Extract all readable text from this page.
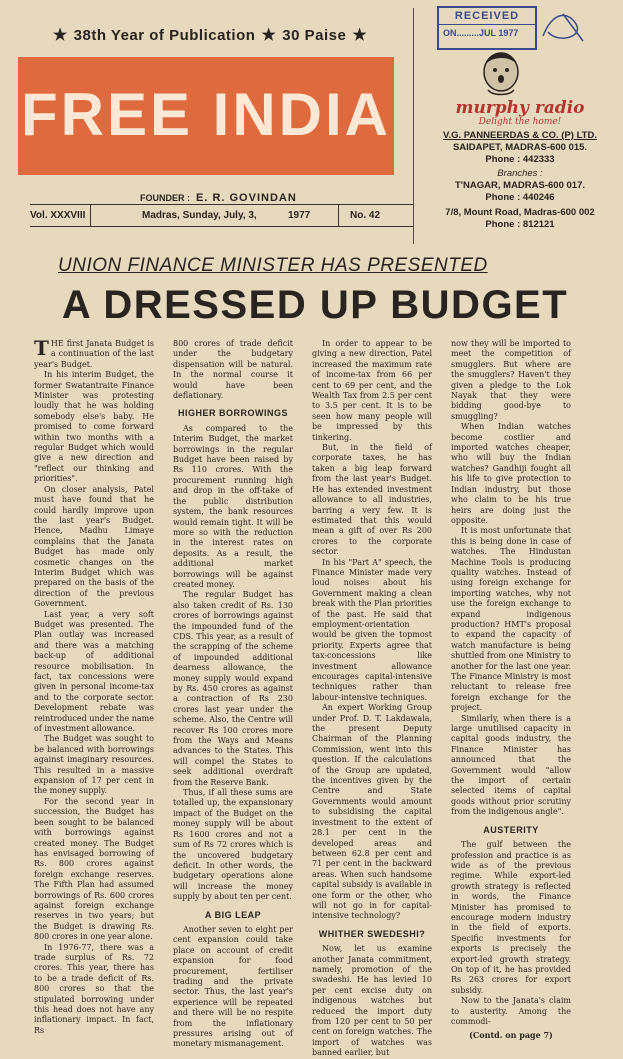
★ 38th Year of Publication ★ 30 Paise ★
FREE INDIA
FOUNDER : E. R. GOVINDAN
RECEIVED
ON.........JUL 1977
murphy radio
Delight the home!
V.G. PANNEERDAS & CO. (P) LTD.
SAIDAPET, MADRAS-600 015.
Phone : 442333
Branches :
T'NAGAR, MADRAS-600 017.
Phone : 440246
7/8, Mount Road, Madras-600 002
Phone : 812121
Vol. XXXVIII	Madras, Sunday, July, 3,	1977	No. 42
UNION FINANCE MINISTER HAS PRESENTED
A DRESSED UP BUDGET

THE first Janata Budget is a continuation of the last year's Budget.

In his interim Budget, the former Swatantraite Finance Minister was protesting loudly that he was holding somebody else's baby. He promised to come forward within two months with a regular Budget which would give a new direction and "reflect our thinking and priorities".

On closer analysis, Patel must have found that he could hardly improve upon the last year's Budget. Hence, Madhu Limaye complains that the Janata Budget has made only cosmetic changes on the Interim Budget which was prepared on the basis of the direction of the previous Government.

Last year, a very soft Budget was presented. The Plan outlay was increased and there was a matching back-up of additional resource mobilisation. In fact, tax concessions were given in personal income-tax and to the corporate sector. Development rebate was reintroduced under the name of investment allowance.

The Budget was sought to be balanced with borrowings against imaginary resources. This resulted in a massive expansion of 17 per cent in the money supply.

For the second year in succession, the Budget has been sought to be balanced with borrowings against created money. The Budget has envisaged borrowing of Rs. 800 crores against foreign exchange reserves. The Fifth Plan had assumed borrowings of Rs. 600 crores against foreign exchange reserves in two years; but the Budget is drawing Rs. 800 crores in one year alone.

In 1976-77, there was a trade surplus of Rs. 72 crores. This year, there has to be a trade deficit of Rs. 800 crores so that the stipulated borrowing under this head does not have any inflationary impact. In fact, Rs

800 crores of trade deficit under the budgetary dispensation will be natural. In the normal course it would have been deflationary.

HIGHER BORROWINGS

As compared to the Interim Budget, the market borrowings in the regular Budget have been raised by Rs 110 crores. With the procurement running high and drop in the off-take of the public distribution system, the bank resources would remain tight. It will be more so with the reduction in the interest rates on deposits. As a result, the additional market borrowings will be against created money.

The regular Budget has also taken credit of Rs. 130 crores of borrowings against the impounded fund of the CDS. This year, as a result of the scrapping of the scheme of impounded additional dearness allowance, the money supply would expand by Rs. 450 crores as against a contraction of Rs 230 crores last year under the scheme. Also, the Centre will recover Rs 100 crores more from the Ways and Means advances to the States. This will compel the States to seek additional overdraft from the Reserve Bank.

Thus, if all these sums are totalled up, the expansionary impact of the Budget on the money supply will be about Rs 1600 crores and not a sum of Rs 72 crores which is the uncovered budgetary deficit. In other words, the budgetary operations alone will increase the money supply by about ten per cent.

A BIG LEAP

Another seven to eight per cent expansion could take place on account of credit expansion for food procurement, fertiliser trading and the private sector. Thus, the last year's experience will be repeated and there will be no respite from the inflationary pressures arising out of monetary mismanagement.

In order to appear to be giving a new direction, Patel increased the maximum rate of income-tax from 66 per cent to 69 per cent, and the Wealth Tax from 2.5 per cent to 3.5 per cent. It is to be seen how many people will be impressed by this tinkering.

But, in the field of corporate taxes, he has taken a big leap forward from the last year's Budget. He has extended investment allowance to all industries, barring a very few. It is estimated that this would mean a gift of over Rs 200 crores to the corporate sector.

In his "Part A" speech, the Finance Minister made very loud noises about his Government making a clean break with the Plan priorities of the past. He said that employment-orientation would be given the topmost priority. Experts agree that tax-concessions like investment allowance encourages capital-intensive techniques rather than labour-intensive techniques.

An expert Working Group under Prof. D. T. Lakdawala, the present Deputy Chairman of the Planning Commission, went into this question. If the calculations of the Group are updated, the incentives given by the Centre and State Governments would amount to subsidising the capital investment to the extent of 28.1 per cent in the developed areas and between 62.8 per cent and 71 per cent in the backward areas. When such handsome capital subsidy is available in one form or the other, who will not go in for capital-intensive technology?

WHITHER SWEDESHI?

Now, let us examine another Janata commitment, namely, promotion of the swadeshi. He has levied 10 per cent excise duty on indigenous watches but reduced the import duty from 120 per cent to 50 per cent on foreign watches. The import of watches was banned earlier, but

now they will be imported to meet the competition of smugglers. But where are the smugglers? Haven't they given a pledge to the Lok Nayak that they were bidding good-bye to smuggling?

When Indian watches become costlier and imported watches cheaper, who will buy the Indian watches? Gandhiji fought all his life to give protection to Indian industry, but those who claim to be his true heirs are doing just the opposite.

It is most unfortunate that this is being done in case of watches. The Hindustan Machine Tools is producing quality watches. Instead of using foreign exchange for importing watches, why not use the foreign exchange to expand indigenous production? HMT's proposal to expand the capacity of watch manufacture is being shuttled from one Ministry to another for the last one year. The Finance Ministry is most reluctant to release free foreign exchange for the project.

Similarly, when there is a large unutilised capacity in capital goods industry, the Finance Minister has announced that the Government would "allow the import of certain selected items of capital goods without prior scrutiny from the indigenous angle".

AUSTERITY

The gulf between the profession and practice is as wide as of the previous regime. While export-led growth strategy is reflected in words, the Finance Minister has promised to encourage modern industry in the field of exports. Specific investments for exports is precisely the export-led growth strategy. On top of it, he has provided Rs 263 crores for export subsidy.

Now to the Janata's claim to austerity. Among the commodi-

(Contd. on page 7)
